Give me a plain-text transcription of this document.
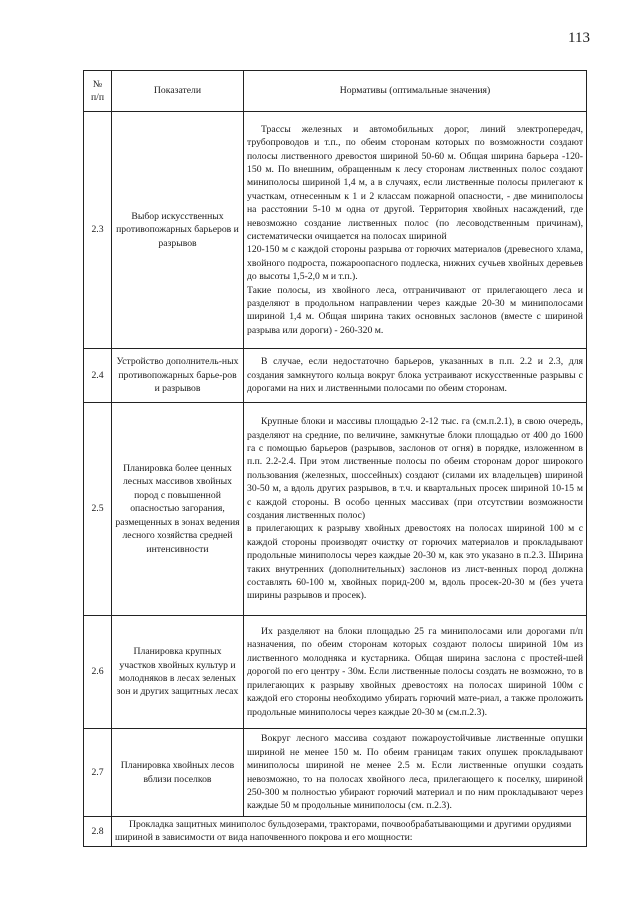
113
№
п/п	Показатели	Нормативы (оптимальные значения)
2.3	Выбор искусственных противопожарных барьеров и разрывов	Трассы железных и автомобильных дорог, линий электропередач, трубопроводов и т.п., по обеим сторонам которых по возможности создают полосы лиственного древостоя шириной 50-60 м. Общая ширина барьера -120-150 м. По внешним, обращенным к лесу сторонам лиственных полос создают миниполосы шириной 1,4 м, а в случаях, если лиственные полосы прилегают к участкам, отнесенным к 1 и 2 классам пожарной опасности, - две миниполосы на расстоянии 5-10 м одна от другой. Территория хвойных насаждений, где невозможно создание лиственных полос (по лесоводственным причинам), систематически очищается на полосах шириной
120-150 м с каждой стороны разрыва от горючих материалов (древесного хлама, хвойного подроста, пожароопасного подлеска, нижних сучьев хвойных деревьев до высоты 1,5-2,0 м и т.п.).
Такие полосы, из хвойного леса, отграничивают от прилегающего леса и разделяют в продольном направлении через каждые 20-30 м миниполосами шириной 1,4 м. Общая ширина таких основных заслонов (вместе с шириной разрыва или дороги) - 260-320 м.

2.4	Устройство дополнитель-ных противопожарных барье-ров и разрывов	В случае, если недостаточно барьеров, указанных в п.п. 2.2 и 2.3, для создания замкнутого кольца вокруг блока устраивают искусственные разрывы с дорогами на них и лиственными полосами по обеим сторонам.

2.5	Планировка более ценных лесных массивов хвойных пород с повышенной опасностью загорания, размещенных в зонах ведения лесного хозяйства средней интенсивности	Крупные блоки и массивы площадью 2-12 тыс. га (см.п.2.1), в свою очередь, разделяют на средние, по величине, замкнутые блоки площадью от 400 до 1600 га с помощью барьеров (разрывов, заслонов от огня) в порядке, изложенном в п.п. 2.2-2.4. При этом лиственные полосы по обеим сторонам дорог широкого пользования (железных, шоссейных) создают (силами их владельцев) шириной 30-50 м, а вдоль других разрывов, в т.ч. и квартальных просек шириной 10-15 м с каждой стороны. В особо ценных массивах (при отсутствии возможности создания лиственных полос)
в прилегающих к разрыву хвойных древостоях на полосах шириной 100 м с каждой стороны производят очистку от горючих материалов и прокладывают продольные миниполосы через каждые 20-30 м, как это указано в п.2.3. Ширина таких внутренних (дополнительных) заслонов из лист-венных пород должна составлять 60-100 м, хвойных порид-200 м, вдоль просек-20-30 м (без учета ширины разрывов и просек).

2.6	Планировка крупных участков хвойных культур и молодняков в лесах зеленых зон и других защитных лесах	Их разделяют на блоки площадью 25 га миниполосами или дорогами п/п назначения, по обеим сторонам которых создают полосы шириной 10м из лиственного молодняка и кустарника. Общая ширина заслона с простей-шей дорогой по его центру - 30м. Если лиственные полосы создать не возможно, то в прилегающих к разрыву хвойных древостоях на полосах шириной 100м с каждой его стороны необходимо убирать горючий мате-риал, а также проложить продольные миниполосы через каждые 20-30 м (см.п.2.3).

2.7	Планировка хвойных лесов вблизи поселков	Вокруг лесного массива создают пожароустойчивые лиственные опушки шириной не менее 150 м. По обеим границам таких опушек прокладывают миниполосы шириной не менее 2.5 м. Если лиственные опушки создать невозможно, то на полосах хвойного леса, прилегающего к поселку, шириной 250-300 м полностью убирают горючий материал и по ним прокладывают через каждые 50 м продольные миниполосы (см. п.2.3).

2.8	Прокладка защитных миниполос бульдозерами, тракторами, почвообрабатывающими и другими орудиями шириной в зависимости от вида напочвенного покрова и его мощности:	
